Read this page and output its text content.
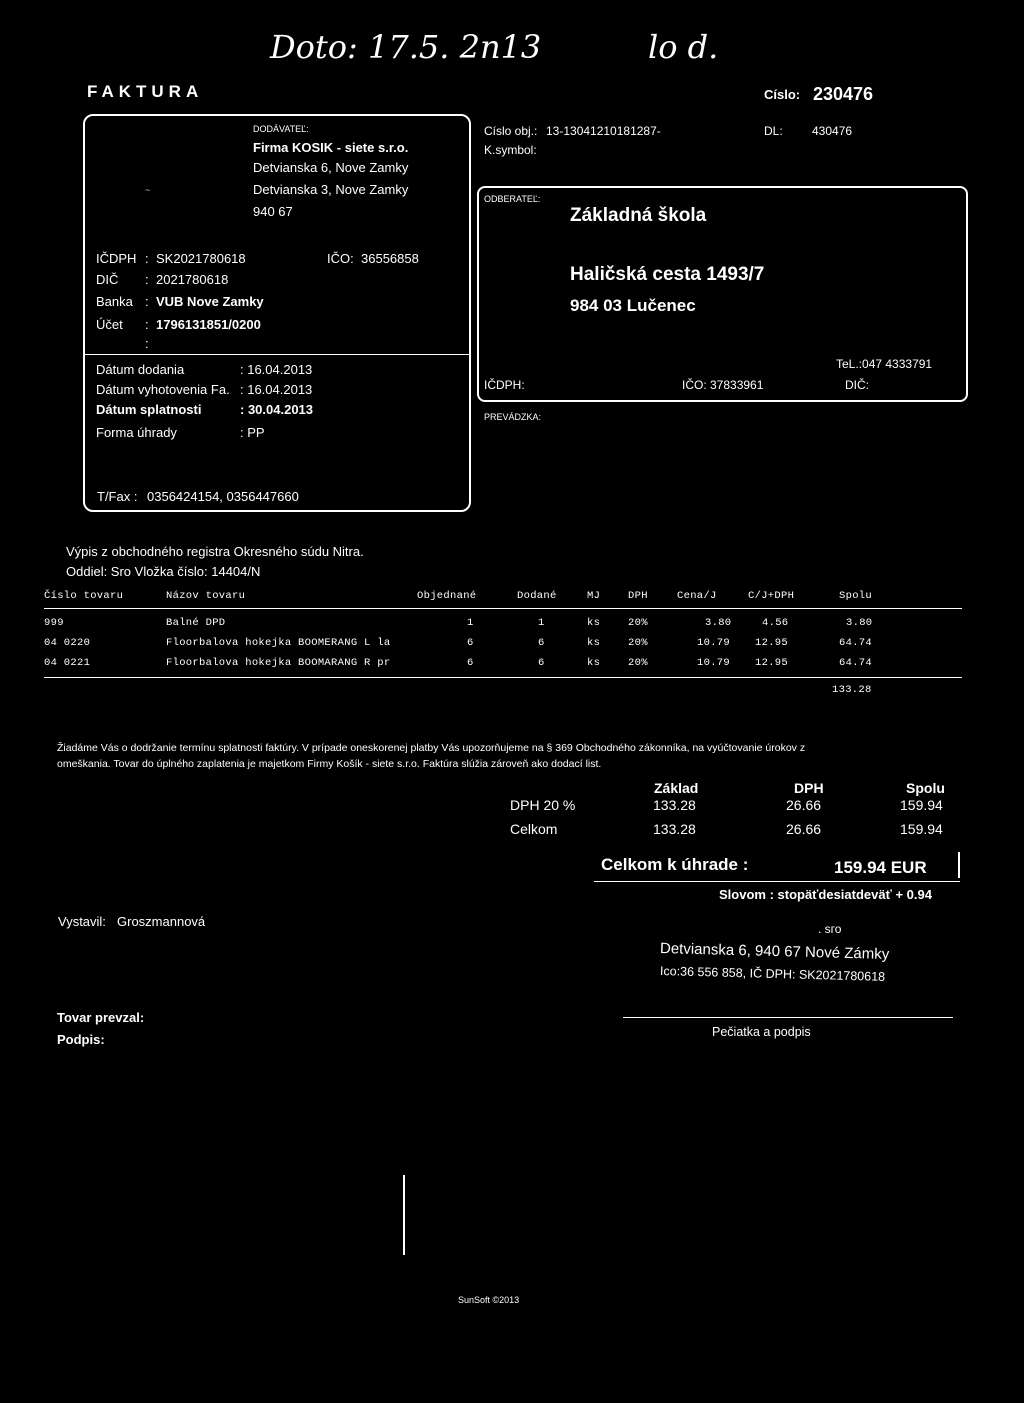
Doto: 17.5. 2n13	lo d.
FAKTURA	Císlo: 230476
DODÁVATEĽ:
Firma KOSIK - siete s.r.o.
Detvianska 6, Nove Zamky
Detvianska 3, Nove Zamky
940 67
~
IČDPH : SK2021780618	IČO: 36556858
DIČ : 2021780618
Banka : VUB Nove Zamky
Účet : 1796131851/0200
:
Dátum dodania	: 16.04.2013
Dátum vyhotovenia Fa. : 16.04.2013
Dátum splatnosti	: 30.04.2013
Forma úhrady	: PP
T/Fax : 0356424154, 0356447660
Císlo obj.: 13-13041210181287-
K.symbol:
DL: 430476
ODBERATEĽ:
Základná škola
Haličská cesta 1493/7
984 03 Lučenec
TeL.:047 4333791
IČDPH:	IČO: 37833961	DIČ:
PREVÁDZKA:
Výpis z obchodného registra Okresného súdu Nitra.
Oddiel: Sro Vložka číslo: 14404/N
Číslo tovaru	Názov tovaru	Objednané	Dodané	MJ	DPH	Cena/J	C/J+DPH	Spolu
999	Balné DPD	1	1	ks	20%	3.80	4.56	3.80
04 0220	Floorbalova hokejka BOOMERANG L la	6	6	ks	20%	10.79 12.95	64.74
04 0221	Floorbalova hokejka BOOMARANG R pr	6	6	ks	20%	10.79 12.95	64.74
133.28
Žiadáme Vás o dodržanie termínu splatnosti faktúry. V prípade oneskorenej platby Vás upozorňujeme na § 369 Obchodného zákonníka, na vyúčtovanie úrokov z
omeškania. Tovar do úplného zaplatenia je majetkom Firmy Košík - siete s.r.o. Faktúra slúžia zároveň ako dodací list.
Základ	DPH	Spolu
DPH 20 %	133.28	26.66	159.94
Celkom	133.28	26.66	159.94
Celkom k úhrade :	159.94 EUR
Slovom : stopäťdesiatdeväť + 0.94
Vystavil: Groszmannová	. ѕго
Detvianska 6, 940 67 Nové Zámky
Ico:36 556 858, IČ DPH: SK2021780618
Tovar prevzal:
Podpis:	Pečiatka a podpis
SunSoft ©2013
